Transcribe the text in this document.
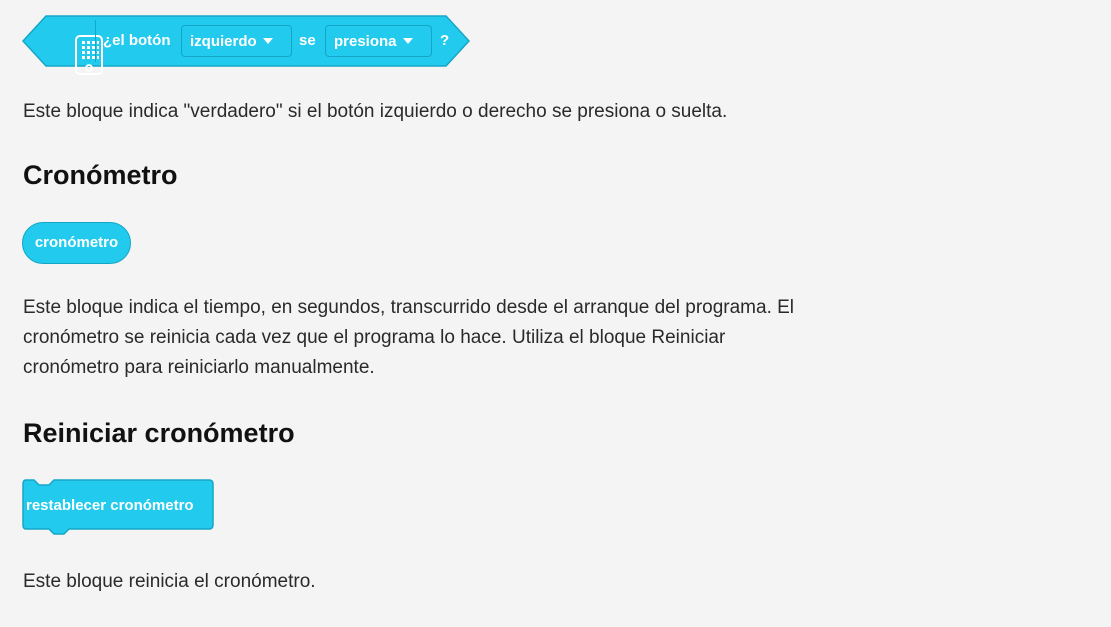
¿el botón	izquierdo	se	presiona	?
Este bloque indica "verdadero" si el botón izquierdo o derecho se presiona o suelta.
Cronómetro
cronómetro
Este bloque indica el tiempo, en segundos, transcurrido desde el arranque del programa. El
cronómetro se reinicia cada vez que el programa lo hace. Utiliza el bloque Reiniciar
cronómetro para reiniciarlo manualmente.
Reiniciar cronómetro
restablecer cronómetro
Este bloque reinicia el cronómetro.
